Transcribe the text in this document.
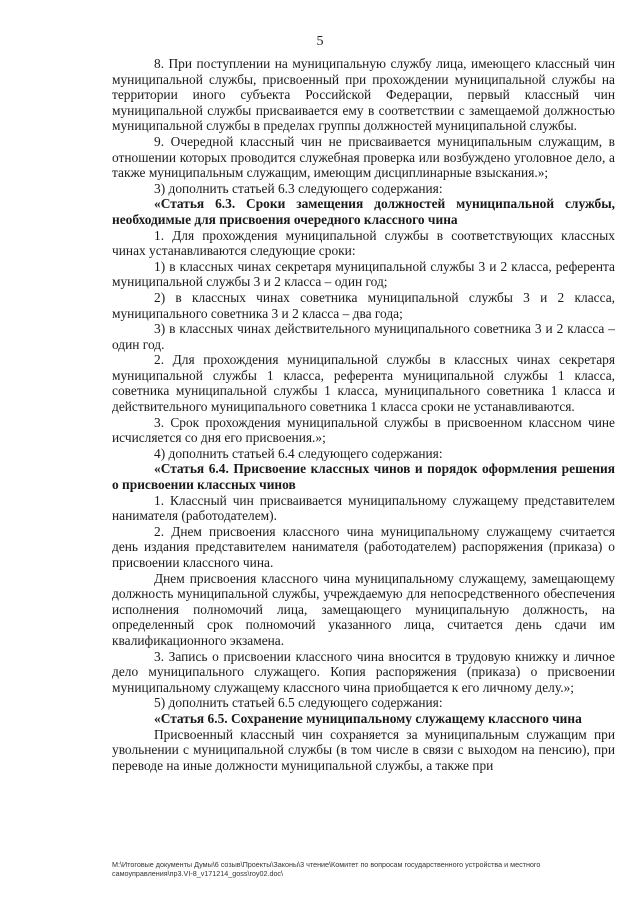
5

8. При поступлении на муниципальную службу лица, имеющего классный чин муниципальной службы, присвоенный при прохождении муниципальной службы на территории иного субъекта Российской Федерации, первый классный чин муниципальной службы присваивается ему в соответствии с замещаемой должностью муниципальной службы в пределах группы должностей муниципальной службы.

9. Очередной классный чин не присваивается муниципальным служащим, в отношении которых проводится служебная проверка или возбуждено уголовное дело, а также муниципальным служащим, имеющим дисциплинарные взыскания.»;

3) дополнить статьей 6.3 следующего содержания:

«Статья 6.3. Сроки замещения должностей муниципальной службы, необходимые для присвоения очередного классного чина

1. Для прохождения муниципальной службы в соответствующих классных чинах устанавливаются следующие сроки:

1) в классных чинах секретаря муниципальной службы 3 и 2 класса, референта муниципальной службы 3 и 2 класса – один год;

2) в классных чинах советника муниципальной службы 3 и 2 класса, муниципального советника 3 и 2 класса – два года;

3) в классных чинах действительного муниципального советника 3 и 2 класса – один год.

2. Для прохождения муниципальной службы в классных чинах секретаря муниципальной службы 1 класса, референта муниципальной службы 1 класса, советника муниципальной службы 1 класса, муниципального советника 1 класса и действительного муниципального советника 1 класса сроки не устанавливаются.

3. Срок прохождения муниципальной службы в присвоенном классном чине исчисляется со дня его присвоения.»;

4) дополнить статьей 6.4 следующего содержания:

«Статья 6.4. Присвоение классных чинов и порядок оформления решения о присвоении классных чинов

1. Классный чин присваивается муниципальному служащему представителем нанимателя (работодателем).

2. Днем присвоения классного чина муниципальному служащему считается день издания представителем нанимателя (работодателем) распоряжения (приказа) о присвоении классного чина.

Днем присвоения классного чина муниципальному служащему, замещающему должность муниципальной службы, учреждаемую для непосредственного обеспечения исполнения полномочий лица, замещающего муниципальную должность, на определенный срок полномочий указанного лица, считается день сдачи им квалификационного экзамена.

3. Запись о присвоении классного чина вносится в трудовую книжку и личное дело муниципального служащего. Копия распоряжения (приказа) о присвоении муниципальному служащему классного чина приобщается к его личному делу.»;

5) дополнить статьей 6.5 следующего содержания:

«Статья 6.5. Сохранение муниципальному служащему классного чина

Присвоенный классный чин сохраняется за муниципальным служащим при увольнении с муниципальной службы (в том числе в связи с выходом на пенсию), при переводе на иные должности муниципальной службы, а также при

М:\Итоговые документы Думы\6 созыв\Проекты\Законы\3 чтение\Комитет по вопросам государственного устройства и местного самоуправления\пр3.VI-8_v171214_goss\roy02.doc\
